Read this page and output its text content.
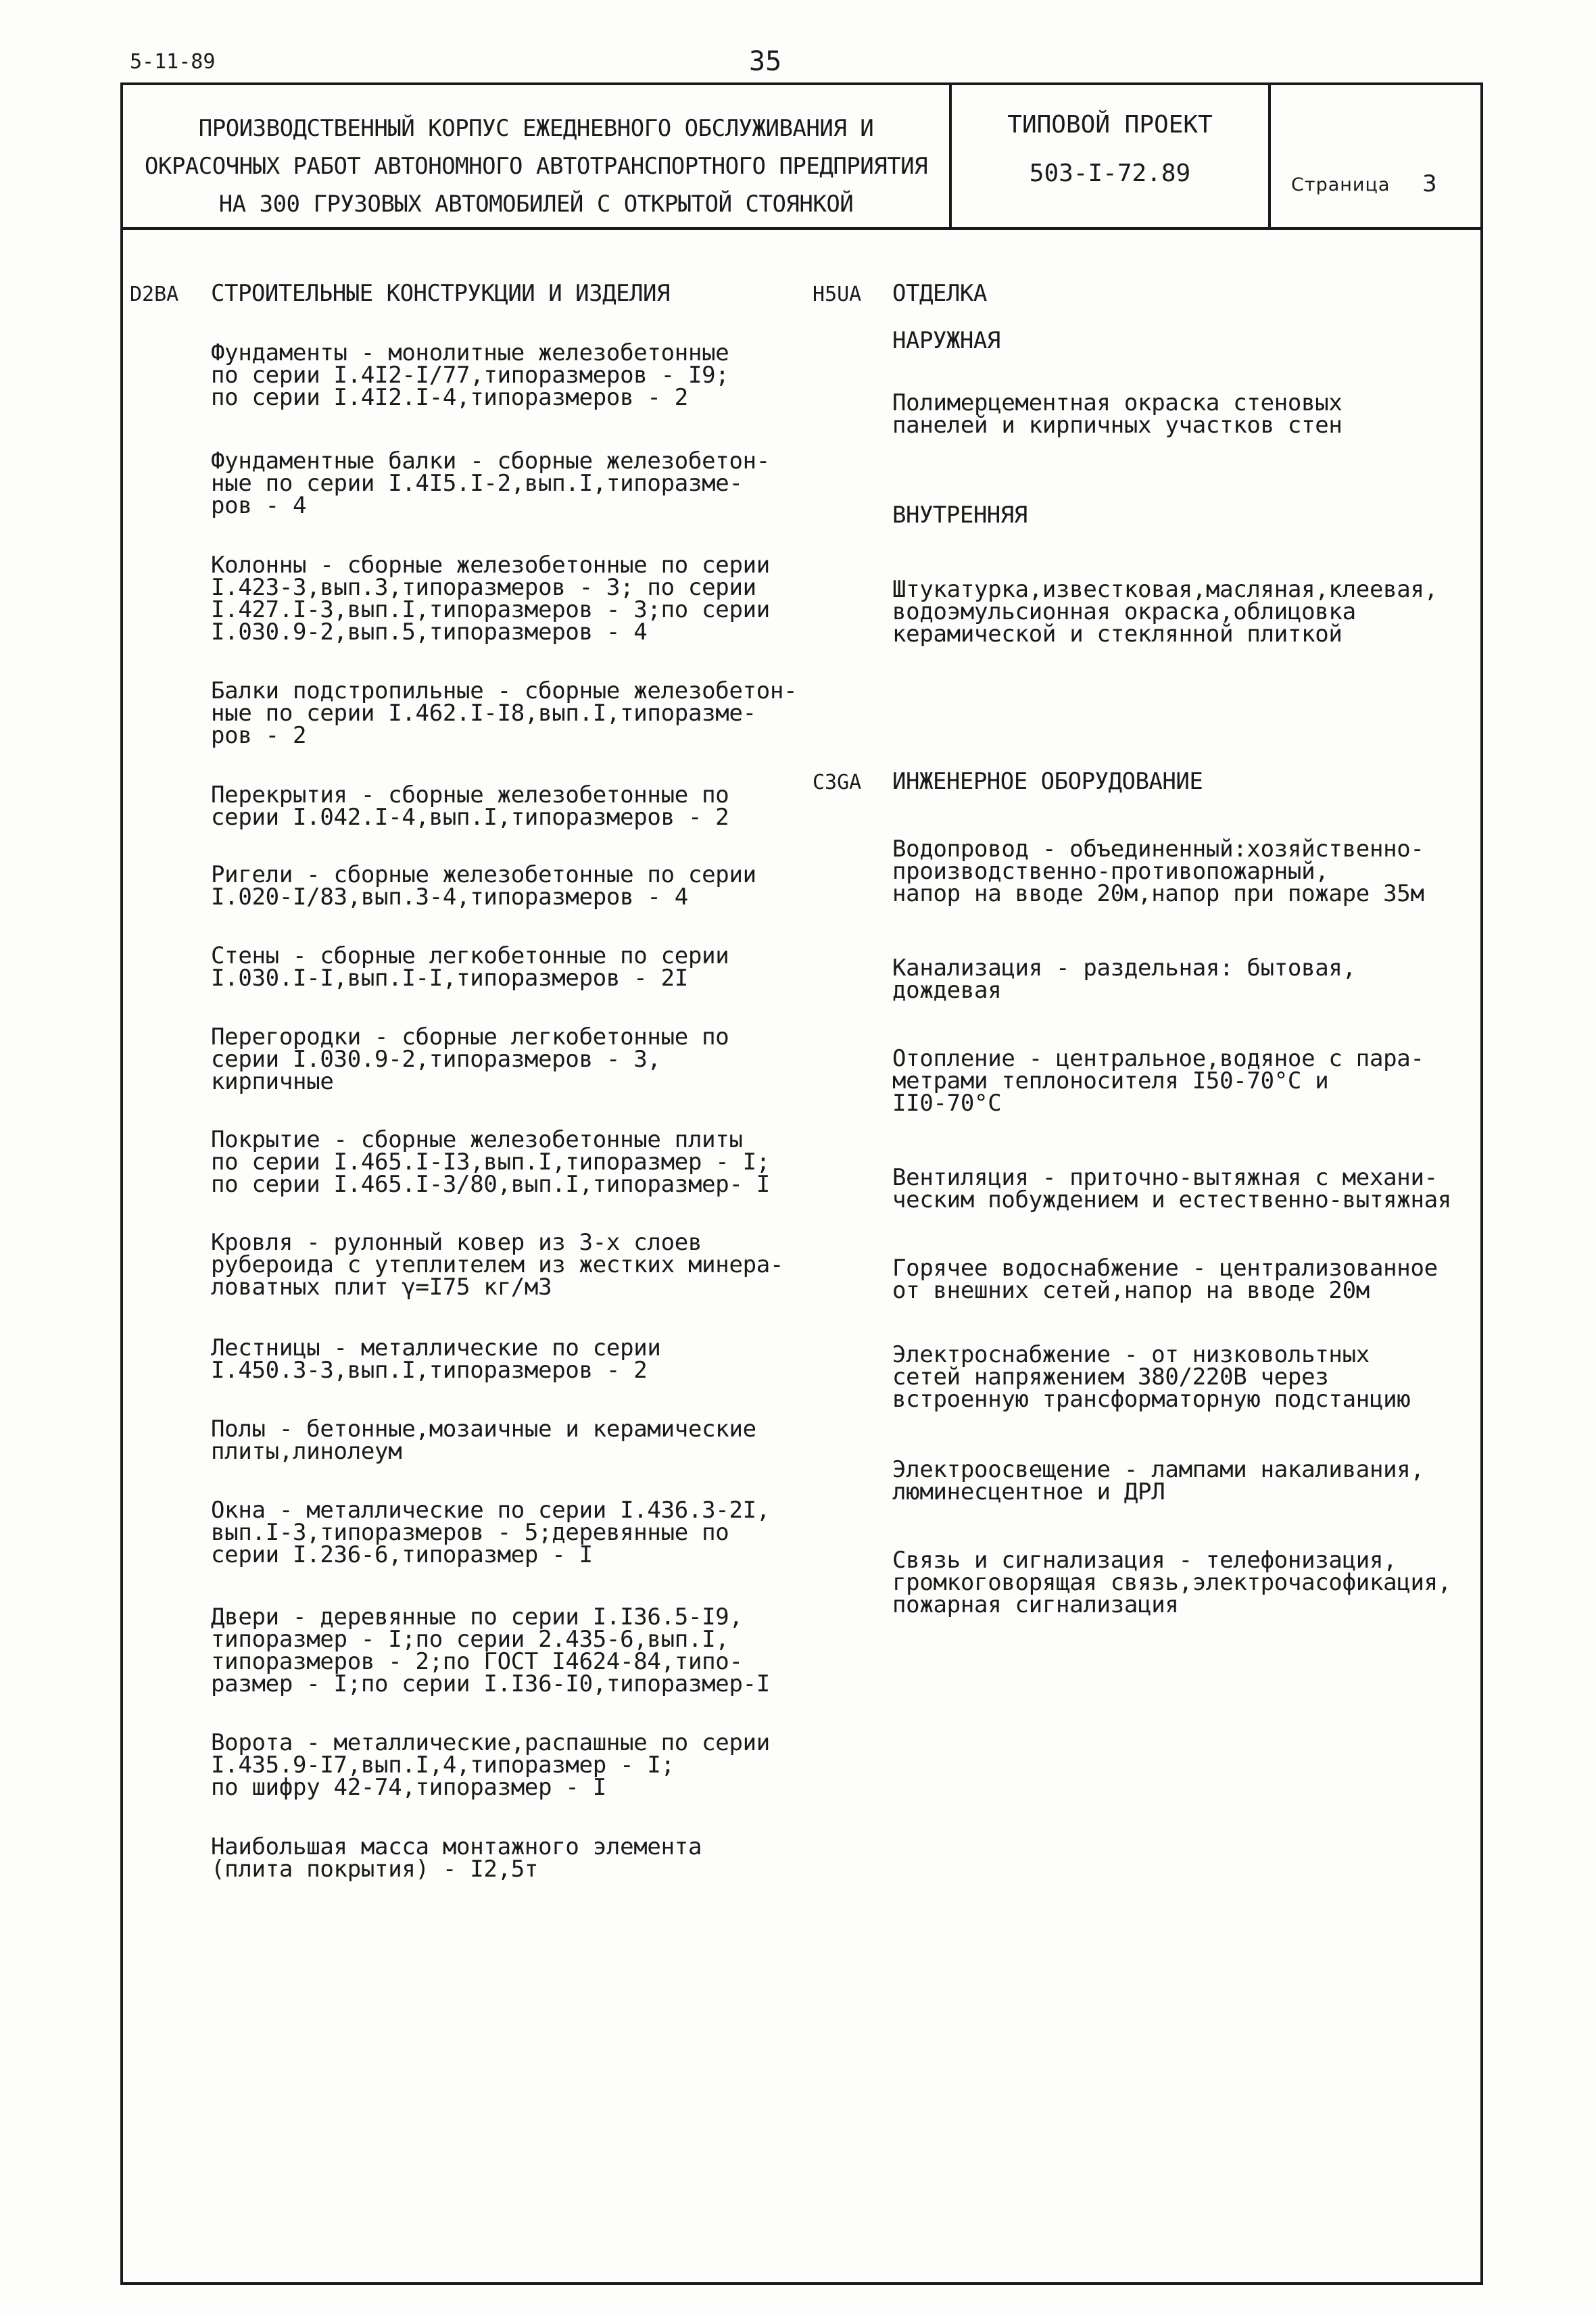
5-11-89	35
ПРОИЗВОДСТВЕННЫЙ КОРПУС ЕЖЕДНЕВНОГО ОБСЛУЖИВАНИЯ И
ОКРАСОЧНЫХ РАБОТ АВТОНОМНОГО АВТОТРАНСПОРТНОГО ПРЕДПРИЯТИЯ
НА 300 ГРУЗОВЫХ АВТОМОБИЛЕЙ С ОТКРЫТОЙ СТОЯНКОЙ
ТИПОВОЙ ПРОЕКТ
503-I-72.89	Страница 3
D2BA СТРОИТЕЛЬНЫЕ КОНСТРУКЦИИ И ИЗДЕЛИЯ
Фундаменты - монолитные железобетонные
по серии I.4I2-I/77,типоразмеров - I9;
по серии I.4I2.I-4,типоразмеров - 2
Фундаментные балки - сборные железобетон-
ные по серии I.4I5.I-2,вып.I,типоразме-
ров - 4
Колонны - сборные железобетонные по серии
I.423-3,вып.3,типоразмеров - 3; по серии
I.427.I-3,вып.I,типоразмеров - 3;по серии
I.030.9-2,вып.5,типоразмеров - 4
Балки подстропильные - сборные железобетон-
ные по серии I.462.I-I8,вып.I,типоразме-
ров - 2
Перекрытия - сборные железобетонные по
серии I.042.I-4,вып.I,типоразмеров - 2
Ригели - сборные железобетонные по серии
I.020-I/83,вып.3-4,типоразмеров - 4
Стены - сборные легкобетонные по серии
I.030.I-I,вып.I-I,типоразмеров - 2I
Перегородки - сборные легкобетонные по
серии I.030.9-2,типоразмеров - 3,
кирпичные
Покрытие - сборные железобетонные плиты
по серии I.465.I-I3,вып.I,типоразмер - I;
по серии I.465.I-3/80,вып.I,типоразмер- I
Кровля - рулонный ковер из 3-х слоев
рубероида с утеплителем из жестких минера-
ловатных плит γ=I75 кг/м3
Лестницы - металлические по серии
I.450.3-3,вып.I,типоразмеров - 2
Полы - бетонные,мозаичные и керамические
плиты,линолеум
Окна - металлические по серии I.436.3-2I,
вып.I-3,типоразмеров - 5;деревянные по
серии I.236-6,типоразмер - I
Двери - деревянные по серии I.I36.5-I9,
типоразмер - I;по серии 2.435-6,вып.I,
типоразмеров - 2;по ГОСТ I4624-84,типо-
размер - I;по серии I.I36-I0,типоразмер-I
Ворота - металлические,распашные по серии
I.435.9-I7,вып.I,4,типоразмер - I;
по шифру 42-74,типоразмер - I
Наибольшая масса монтажного элемента
(плита покрытия) - I2,5т
H5UA ОТДЕЛКА
НАРУЖНАЯ
Полимерцементная окраска стеновых
панелей и кирпичных участков стен
ВНУТРЕННЯЯ
Штукатурка,известковая,масляная,клеевая,
водоэмульсионная окраска,облицовка
керамической и стеклянной плиткой
C3GA ИНЖЕНЕРНОЕ ОБОРУДОВАНИЕ
Водопровод - объединенный:хозяйственно-
производственно-противопожарный,
напор на вводе 20м,напор при пожаре 35м
Канализация - раздельная: бытовая,
дождевая
Отопление - центральное,водяное с пара-
метрами теплоносителя I50-70°С и
II0-70°С
Вентиляция - приточно-вытяжная с механи-
ческим побуждением и естественно-вытяжная
Горячее водоснабжение - централизованное
от внешних сетей,напор на вводе 20м
Электроснабжение - от низковольтных
сетей напряжением 380/220В через
встроенную трансформаторную подстанцию
Электроосвещение - лампами накаливания,
люминесцентное и ДРЛ
Связь и сигнализация - телефонизация,
громкоговорящая связь,электрочасофикация,
пожарная сигнализация
